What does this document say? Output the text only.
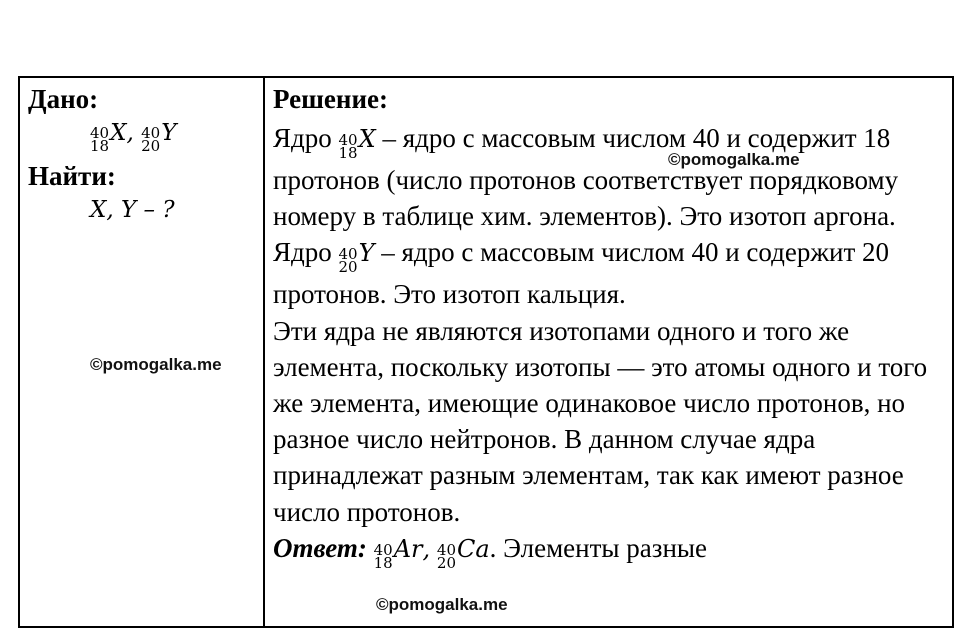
Дано:
40
18 X , 40
20 Y
Найти:
X, Y – ?
Решение:

Ядро 40
18 X – ядро с массовым числом 40 и содержит 18 протонов (число протонов соответствует порядковому номеру в таблице хим. элементов). Это изотоп аргона.

Ядро 40
20 Y – ядро с массовым числом 40 и содержит 20 протонов. Это изотоп кальция.

Эти ядра не являются изотопами одного и того же элемента, поскольку изотопы — это атомы одного и того же элемента, имеющие одинаковое число протонов, но разное число нейтронов. В данном случае ядра принадлежат разным элементам, так как имеют разное число протонов.

Ответ: 40
18 Ar , 40
20 Ca . Элементы разные

©pomogalka.me
©pomogalka.me
©pomogalka.me
